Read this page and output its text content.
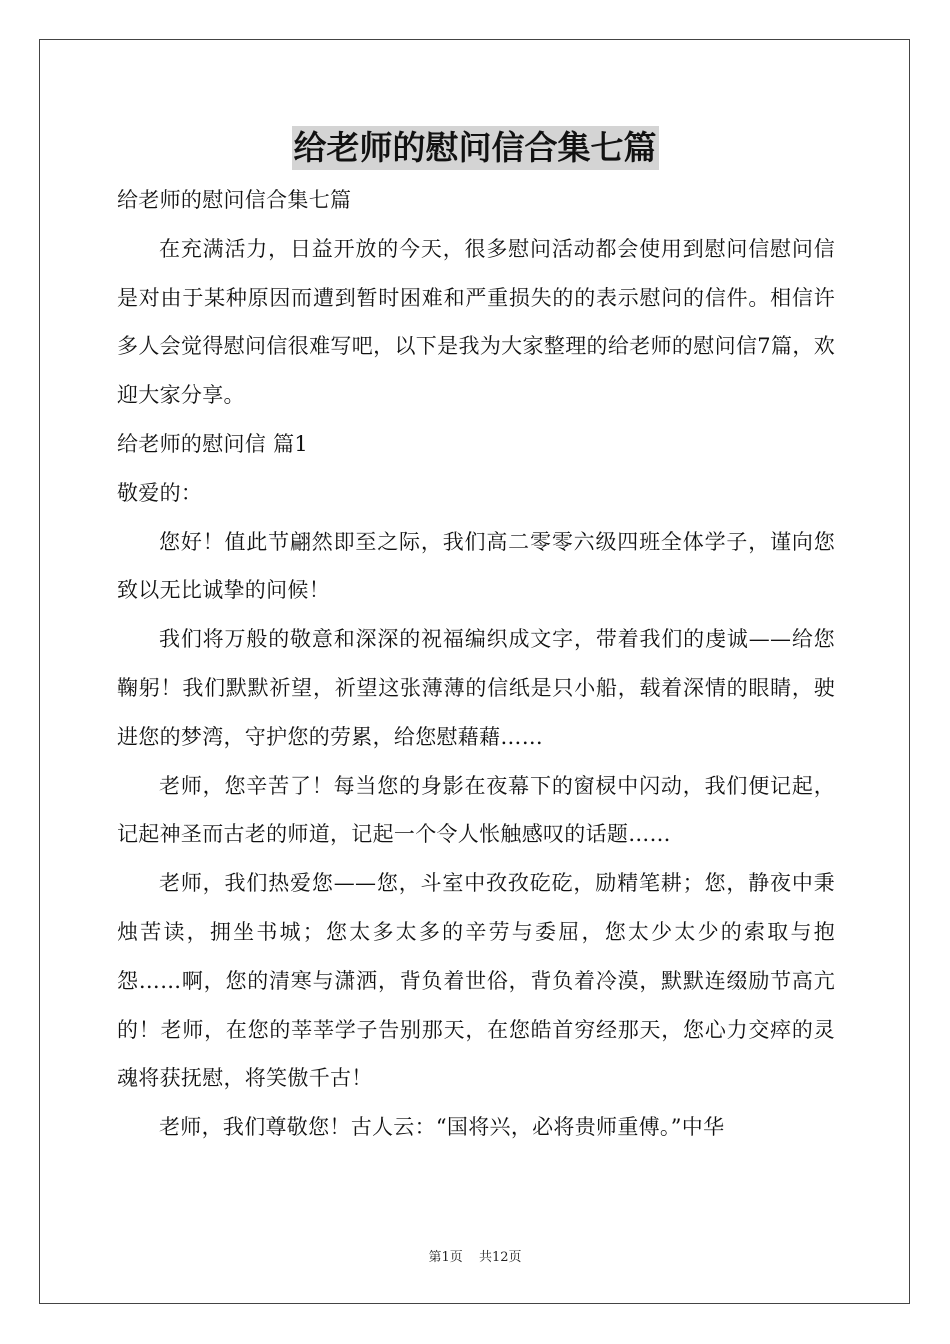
给老师的慰问信合集七篇

给老师的慰问信合集七篇

在充满活力，日益开放的今天，很多慰问活动都会使用到慰问信慰问信是对由于某种原因而遭到暂时困难和严重损失的的表示慰问的信件。相信许多人会觉得慰问信很难写吧，以下是我为大家整理的给老师的慰问信7篇，欢迎大家分享。

给老师的慰问信 篇1

敬爱的：

您好！值此节翩然即至之际，我们高二零零六级四班全体学子，谨向您致以无比诚挚的问候！

我们将万般的敬意和深深的祝福编织成文字，带着我们的虔诚——给您鞠躬！我们默默祈望，祈望这张薄薄的信纸是只小船，载着深情的眼睛，驶进您的梦湾，守护您的劳累，给您慰藉藉……

老师，您辛苦了！每当您的身影在夜幕下的窗棂中闪动，我们便记起，记起神圣而古老的师道，记起一个令人怅触感叹的话题……

老师，我们热爱您——您，斗室中孜孜矻矻，励精笔耕；您，静夜中秉烛苦读，拥坐书城；您太多太多的辛劳与委屈，您太少太少的索取与抱怨……啊，您的清寒与潇洒，背负着世俗，背负着冷漠，默默连缀励节高亢的！老师，在您的莘莘学子告别那天，在您皓首穷经那天，您心力交瘁的灵魂将获抚慰，将笑傲千古！

老师，我们尊敬您！古人云：“国将兴，必将贵师重傅。”中华

第1页 共12页
